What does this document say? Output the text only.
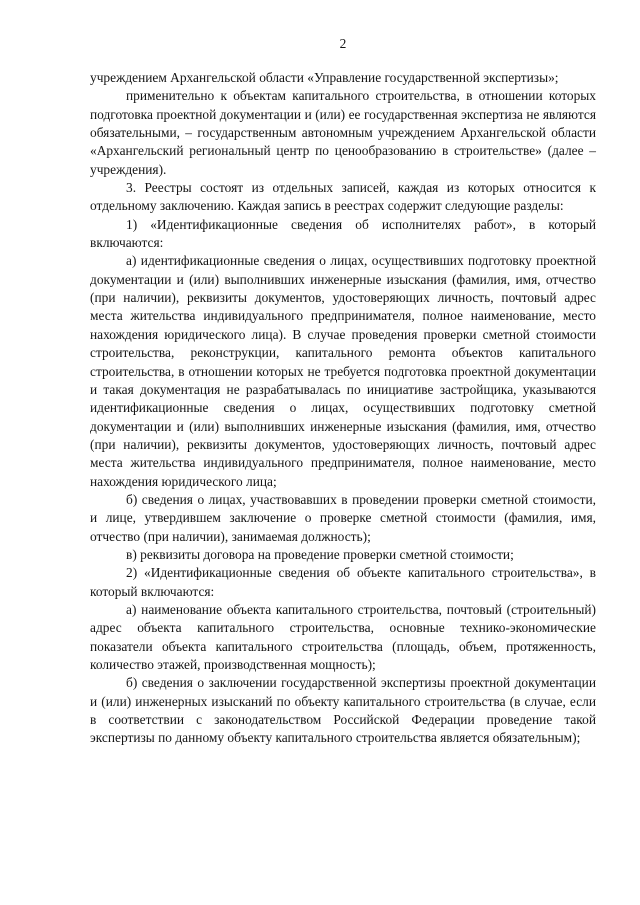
2

учреждением Архангельской области «Управление государственной экспертизы»;

применительно к объектам капитального строительства, в отношении которых подготовка проектной документации и (или) ее государственная экспертиза не являются обязательными, – государственным автономным учреждением Архангельской области «Архангельский региональный центр по ценообразованию в строительстве» (далее – учреждения).

3. Реестры состоят из отдельных записей, каждая из которых относится к отдельному заключению. Каждая запись в реестрах содержит следующие разделы:

1) «Идентификационные сведения об исполнителях работ», в который включаются:

а) идентификационные сведения о лицах, осуществивших подготовку проектной документации и (или) выполнивших инженерные изыскания (фамилия, имя, отчество (при наличии), реквизиты документов, удостоверяющих личность, почтовый адрес места жительства индивидуального предпринимателя, полное наименование, место нахождения юридического лица). В случае проведения проверки сметной стоимости строительства, реконструкции, капитального ремонта объектов капитального строительства, в отношении которых не требуется подготовка проектной документации и такая документация не разрабатывалась по инициативе застройщика, указываются идентификационные сведения о лицах, осуществивших подготовку сметной документации и (или) выполнивших инженерные изыскания (фамилия, имя, отчество (при наличии), реквизиты документов, удостоверяющих личность, почтовый адрес места жительства индивидуального предпринимателя, полное наименование, место нахождения юридического лица;

б) сведения о лицах, участвовавших в проведении проверки сметной стоимости, и лице, утвердившем заключение о проверке сметной стоимости (фамилия, имя, отчество (при наличии), занимаемая должность);

в) реквизиты договора на проведение проверки сметной стоимости;

2) «Идентификационные сведения об объекте капитального строительства», в который включаются:

а) наименование объекта капитального строительства, почтовый (строительный) адрес объекта капитального строительства, основные технико-экономические показатели объекта капитального строительства (площадь, объем, протяженность, количество этажей, производственная мощность);

б) сведения о заключении государственной экспертизы проектной документации и (или) инженерных изысканий по объекту капитального строительства (в случае, если в соответствии с законодательством Российской Федерации проведение такой экспертизы по данному объекту капитального строительства является обязательным);
